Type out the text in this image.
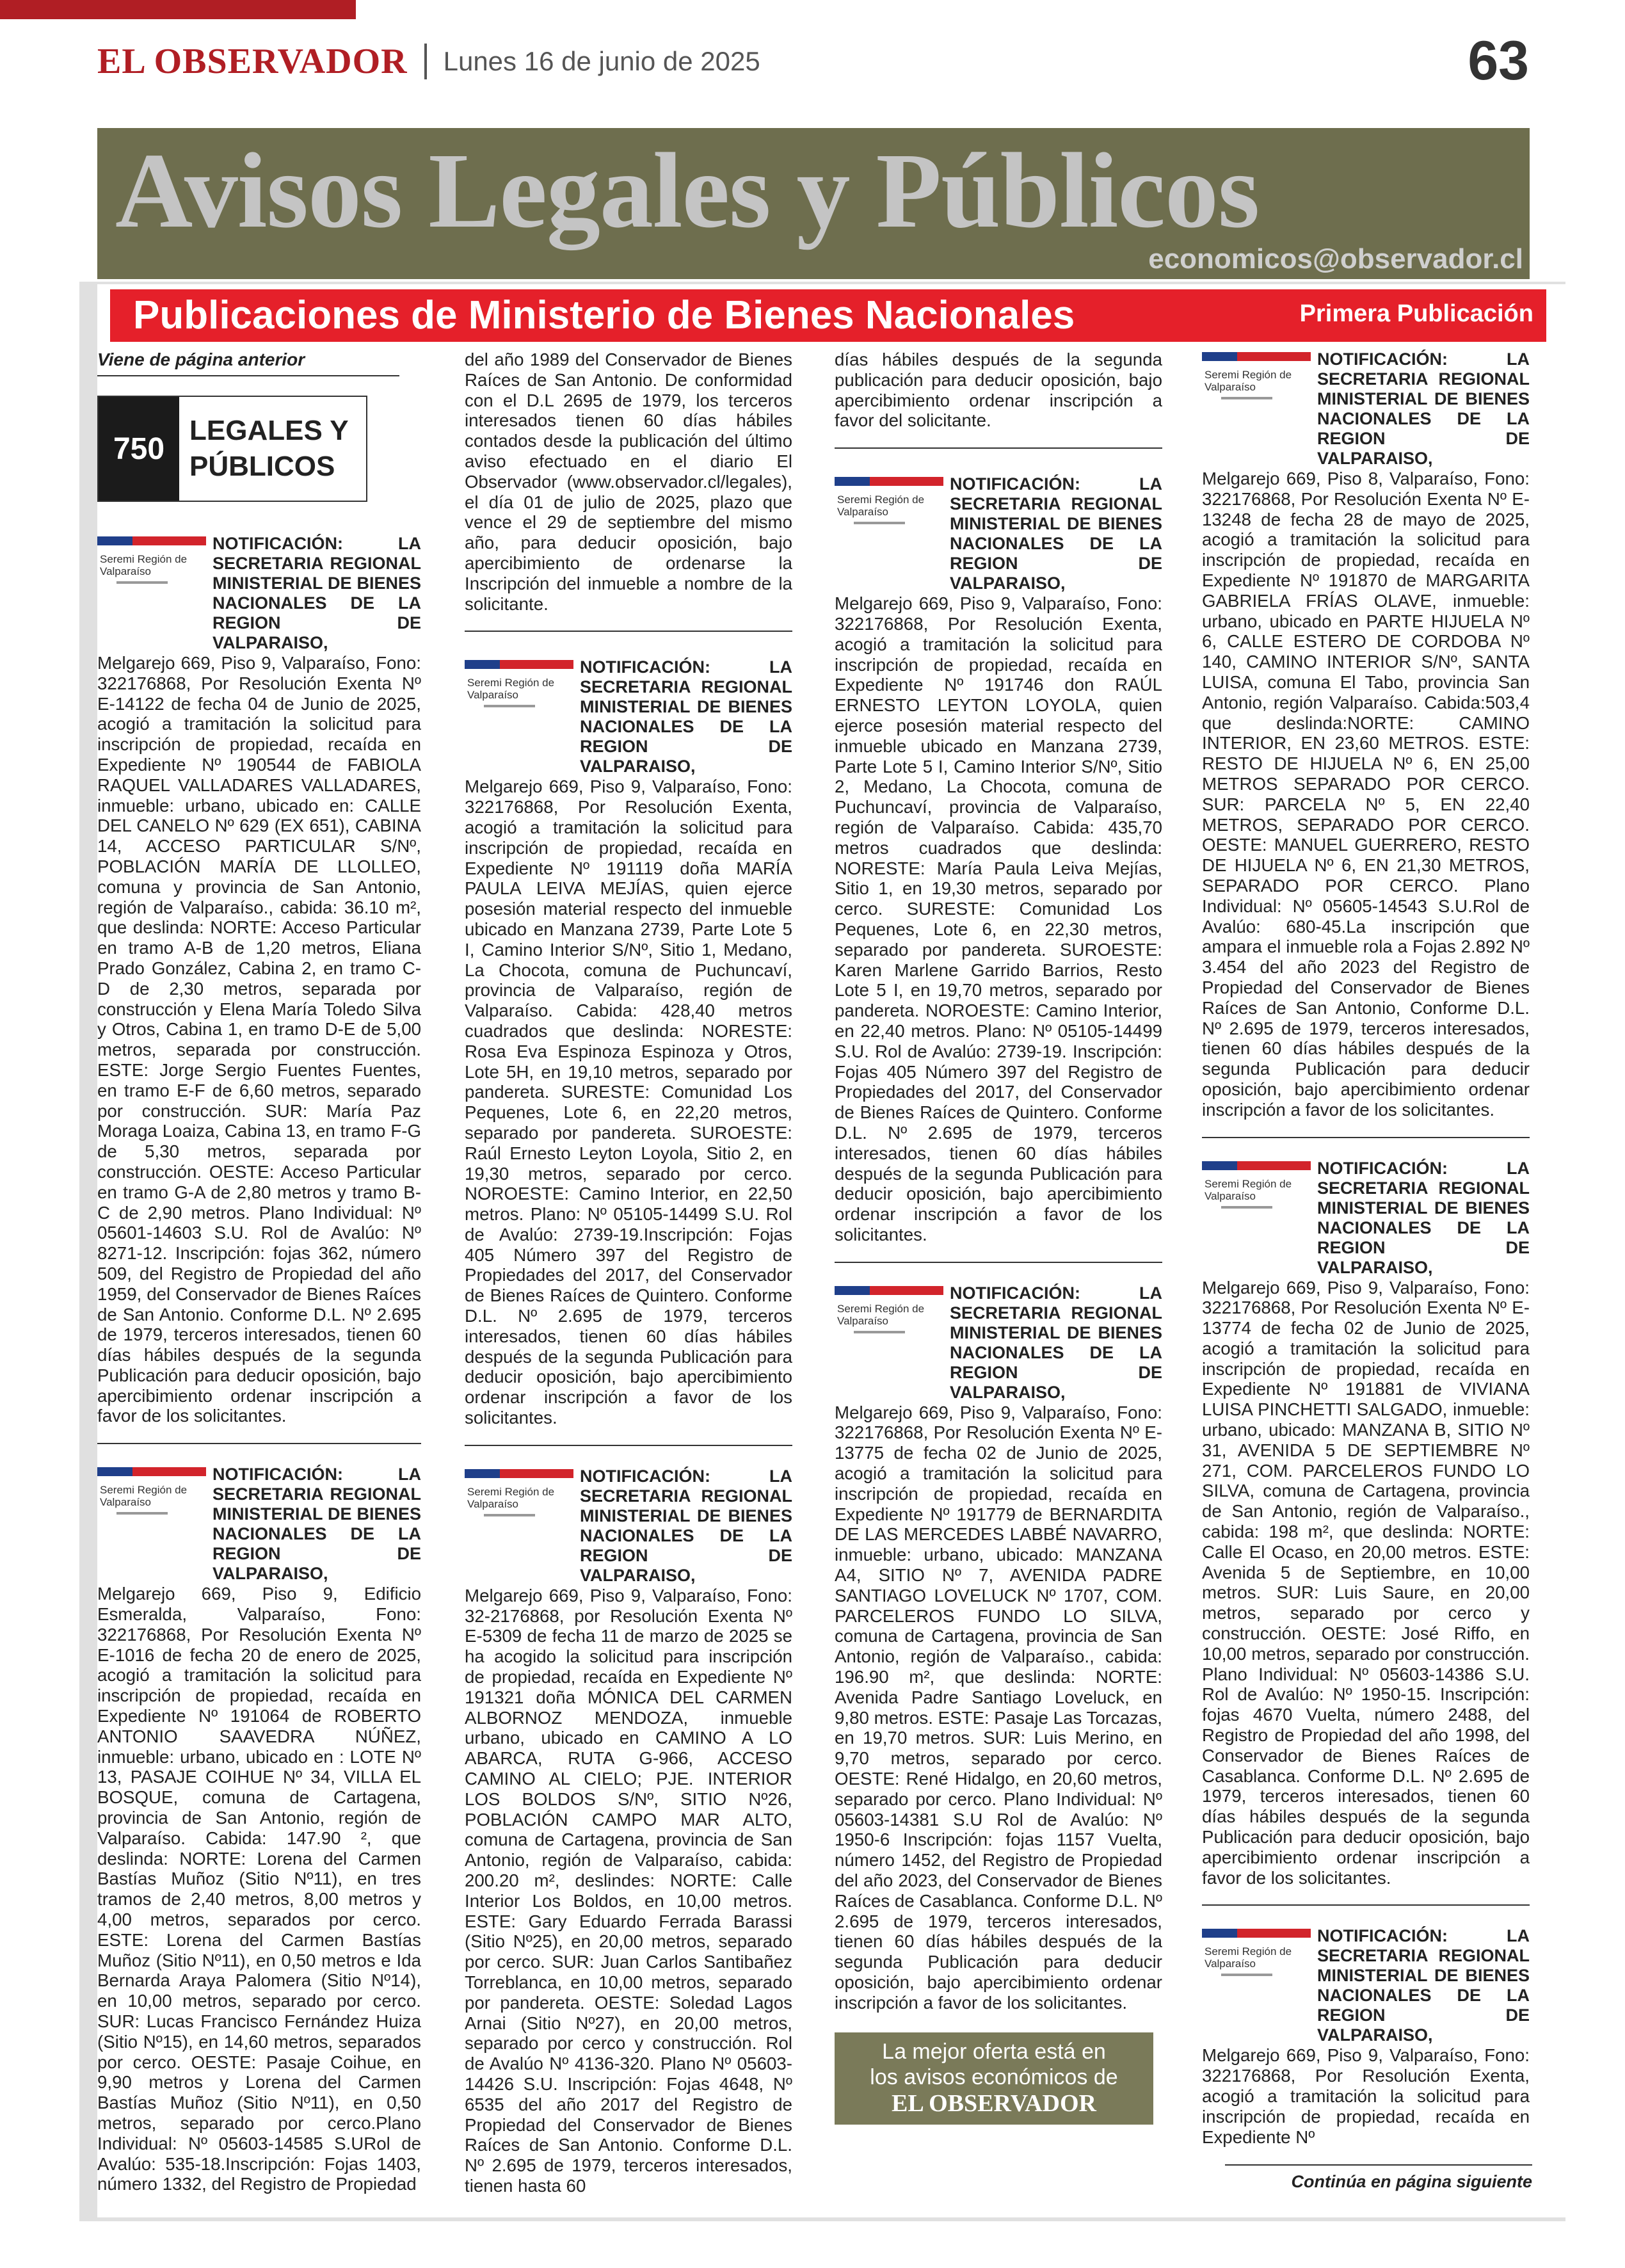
EL OBSERVADOR Lunes 16 de junio de 2025	63
Avisos Legales y Públicos
economicos@observador.cl
Publicaciones de Ministerio de Bienes Nacionales	Primera Publicación
Viene de página anterior
750
LEGALES Y PÚBLICOS
Seremi Región de Valparaíso
NOTIFICACIÓN: LA SECRETARIA REGIONAL MINISTERIAL DE BIENES NACIONALES DE LA REGION DE VALPARAISO,

Melgarejo 669, Piso 9, Valparaíso, Fono: 322176868, Por Resolución Exenta Nº E-14122 de fecha 04 de Junio de 2025, acogió a tramitación la solicitud para inscripción de propiedad, recaída en Expediente Nº 190544 de FABIOLA RAQUEL VALLADARES VALLADARES, inmueble: urbano, ubicado en: CALLE DEL CANELO Nº 629 (EX 651), CABINA 14, ACCESO PARTICULAR S/Nº, POBLACIÓN MARÍA DE LLOLLEO, comuna y provincia de San Antonio, región de Valparaíso., cabida: 36.10 m², que deslinda: NORTE: Acceso Particular en tramo A-B de 1,20 metros, Eliana Prado González, Cabina 2, en tramo C-D de 2,30 metros, separada por construcción y Elena María Toledo Silva y Otros, Cabina 1, en tramo D-E de 5,00 metros, separada por construcción. ESTE: Jorge Sergio Fuentes Fuentes, en tramo E-F de 6,60 metros, separado por construcción. SUR: María Paz Moraga Loaiza, Cabina 13, en tramo F-G de 5,30 metros, separada por construcción. OESTE: Acceso Particular en tramo G-A de 2,80 metros y tramo B-C de 2,90 metros. Plano Individual: Nº 05601-14603 S.U. Rol de Avalúo: Nº 8271-12. Inscripción: fojas 362, número 509, del Registro de Propiedad del año 1959, del Conservador de Bienes Raíces de San Antonio. Conforme D.L. Nº 2.695 de 1979, terceros interesados, tienen 60 días hábiles después de la segunda Publicación para deducir oposición, bajo apercibimiento ordenar inscripción a favor de los solicitantes.

Seremi Región de Valparaíso
NOTIFICACIÓN: LA SECRETARIA REGIONAL MINISTERIAL DE BIENES NACIONALES DE LA REGION DE VALPARAISO,

Melgarejo 669, Piso 9, Edificio Esmeralda, Valparaíso, Fono: 322176868, Por Resolución Exenta Nº E-1016 de fecha 20 de enero de 2025, acogió a tramitación la solicitud para inscripción de propiedad, recaída en Expediente Nº 191064 de ROBERTO ANTONIO SAAVEDRA NÚÑEZ, inmueble: urbano, ubicado en : LOTE Nº 13, PASAJE COIHUE Nº 34, VILLA EL BOSQUE, comuna de Cartagena, provincia de San Antonio, región de Valparaíso. Cabida: 147.90 ², que deslinda: NORTE: Lorena del Carmen Bastías Muñoz (Sitio Nº11), en tres tramos de 2,40 metros, 8,00 metros y 4,00 metros, separados por cerco. ESTE: Lorena del Carmen Bastías Muñoz (Sitio Nº11), en 0,50 metros e Ida Bernarda Araya Palomera (Sitio Nº14), en 10,00 metros, separado por cerco. SUR: Lucas Francisco Fernández Huiza (Sitio Nº15), en 14,60 metros, separados por cerco. OESTE: Pasaje Coihue, en 9,90 metros y Lorena del Carmen Bastías Muñoz (Sitio Nº11), en 0,50 metros, separado por cerco.Plano Individual: Nº 05603-14585 S.URol de Avalúo: 535-18.Inscripción: Fojas 1403, número 1332, del Registro de Propiedad

del año 1989 del Conservador de Bienes Raíces de San Antonio. De conformidad con el D.L 2695 de 1979, los terceros interesados tienen 60 días hábiles contados desde la publicación del último aviso efectuado en el diario El Observador (www.observador.cl/legales), el día 01 de julio de 2025, plazo que vence el 29 de septiembre del mismo año, para deducir oposición, bajo apercibimiento de ordenarse la Inscripción del inmueble a nombre de la solicitante.

Seremi Región de Valparaíso
NOTIFICACIÓN: LA SECRETARIA REGIONAL MINISTERIAL DE BIENES NACIONALES DE LA REGION DE VALPARAISO,

Melgarejo 669, Piso 9, Valparaíso, Fono: 322176868, Por Resolución Exenta, acogió a tramitación la solicitud para inscripción de propiedad, recaída en Expediente Nº 191119 doña MARÍA PAULA LEIVA MEJÍAS, quien ejerce posesión material respecto del inmueble ubicado en Manzana 2739, Parte Lote 5 I, Camino Interior S/Nº, Sitio 1, Medano, La Chocota, comuna de Puchuncaví, provincia de Valparaíso, región de Valparaíso. Cabida: 428,40 metros cuadrados que deslinda: NORESTE: Rosa Eva Espinoza Espinoza y Otros, Lote 5H, en 19,10 metros, separado por pandereta. SURESTE: Comunidad Los Pequenes, Lote 6, en 22,20 metros, separado por pandereta. SUROESTE: Raúl Ernesto Leyton Loyola, Sitio 2, en 19,30 metros, separado por cerco. NOROESTE: Camino Interior, en 22,50 metros. Plano: Nº 05105-14499 S.U. Rol de Avalúo: 2739-19.Inscripción: Fojas 405 Número 397 del Registro de Propiedades del 2017, del Conservador de Bienes Raíces de Quintero. Conforme D.L. Nº 2.695 de 1979, terceros interesados, tienen 60 días hábiles después de la segunda Publicación para deducir oposición, bajo apercibimiento ordenar inscripción a favor de los solicitantes.

Seremi Región de Valparaíso
NOTIFICACIÓN: LA SECRETARIA REGIONAL MINISTERIAL DE BIENES NACIONALES DE LA REGION DE VALPARAISO,

Melgarejo 669, Piso 9, Valparaíso, Fono: 32-2176868, por Resolución Exenta Nº E-5309 de fecha 11 de marzo de 2025 se ha acogido la solicitud para inscripción de propiedad, recaída en Expediente Nº 191321 doña MÓNICA DEL CARMEN ALBORNOZ MENDOZA, inmueble urbano, ubicado en CAMINO A LO ABARCA, RUTA G-966, ACCESO CAMINO AL CIELO; PJE. INTERIOR LOS BOLDOS S/Nº, SITIO Nº26, POBLACIÓN CAMPO MAR ALTO, comuna de Cartagena, provincia de San Antonio, región de Valparaíso, cabida: 200.20 m², deslindes: NORTE: Calle Interior Los Boldos, en 10,00 metros. ESTE: Gary Eduardo Ferrada Barassi (Sitio Nº25), en 20,00 metros, separado por cerco. SUR: Juan Carlos Santibañez Torreblanca, en 10,00 metros, separado por pandereta. OESTE: Soledad Lagos Arnai (Sitio Nº27), en 20,00 metros, separado por cerco y construcción. Rol de Avalúo Nº 4136-320. Plano Nº 05603-14426 S.U. Inscripción: Fojas 4648, Nº 6535 del año 2017 del Registro de Propiedad del Conservador de Bienes Raíces de San Antonio. Conforme D.L. Nº 2.695 de 1979, terceros interesados, tienen hasta 60

días hábiles después de la segunda publicación para deducir oposición, bajo apercibimiento ordenar inscripción a favor del solicitante.

Seremi Región de Valparaíso
NOTIFICACIÓN: LA SECRETARIA REGIONAL MINISTERIAL DE BIENES NACIONALES DE LA REGION DE VALPARAISO,

Melgarejo 669, Piso 9, Valparaíso, Fono: 322176868, Por Resolución Exenta, acogió a tramitación la solicitud para inscripción de propiedad, recaída en Expediente Nº 191746 don RAÚL ERNESTO LEYTON LOYOLA, quien ejerce posesión material respecto del inmueble ubicado en Manzana 2739, Parte Lote 5 I, Camino Interior S/Nº, Sitio 2, Medano, La Chocota, comuna de Puchuncaví, provincia de Valparaíso, región de Valparaíso. Cabida: 435,70 metros cuadrados que deslinda: NORESTE: María Paula Leiva Mejías, Sitio 1, en 19,30 metros, separado por cerco. SURESTE: Comunidad Los Pequenes, Lote 6, en 22,30 metros, separado por pandereta. SUROESTE: Karen Marlene Garrido Barrios, Resto Lote 5 I, en 19,70 metros, separado por pandereta. NOROESTE: Camino Interior, en 22,40 metros. Plano: Nº 05105-14499 S.U. Rol de Avalúo: 2739-19. Inscripción: Fojas 405 Número 397 del Registro de Propiedades del 2017, del Conservador de Bienes Raíces de Quintero. Conforme D.L. Nº 2.695 de 1979, terceros interesados, tienen 60 días hábiles después de la segunda Publicación para deducir oposición, bajo apercibimiento ordenar inscripción a favor de los solicitantes.

Seremi Región de Valparaíso
NOTIFICACIÓN: LA SECRETARIA REGIONAL MINISTERIAL DE BIENES NACIONALES DE LA REGION DE VALPARAISO,

Melgarejo 669, Piso 9, Valparaíso, Fono: 322176868, Por Resolución Exenta Nº E-13775 de fecha 02 de Junio de 2025, acogió a tramitación la solicitud para inscripción de propiedad, recaída en Expediente Nº 191779 de BERNARDITA DE LAS MERCEDES LABBÉ NAVARRO, inmueble: urbano, ubicado: MANZANA A4, SITIO Nº 7, AVENIDA PADRE SANTIAGO LOVELUCK Nº 1707, COM. PARCELEROS FUNDO LO SILVA, comuna de Cartagena, provincia de San Antonio, región de Valparaíso., cabida: 196.90 m², que deslinda: NORTE: Avenida Padre Santiago Loveluck, en 9,80 metros. ESTE: Pasaje Las Torcazas, en 19,70 metros. SUR: Luis Merino, en 9,70 metros, separado por cerco. OESTE: René Hidalgo, en 20,60 metros, separado por cerco. Plano Individual: Nº 05603-14381 S.U Rol de Avalúo: Nº 1950-6 Inscripción: fojas 1157 Vuelta, número 1452, del Registro de Propiedad del año 2023, del Conservador de Bienes Raíces de Casablanca. Conforme D.L. Nº 2.695 de 1979, terceros interesados, tienen 60 días hábiles después de la segunda Publicación para deducir oposición, bajo apercibimiento ordenar inscripción a favor de los solicitantes.

La mejor oferta está en
los avisos económicos de
EL OBSERVADOR
Seremi Región de Valparaíso
NOTIFICACIÓN: LA SECRETARIA REGIONAL MINISTERIAL DE BIENES NACIONALES DE LA REGION DE VALPARAISO,

Melgarejo 669, Piso 8, Valparaíso, Fono: 322176868, Por Resolución Exenta Nº E-13248 de fecha 28 de mayo de 2025, acogió a tramitación la solicitud para inscripción de propiedad, recaída en Expediente Nº 191870 de MARGARITA GABRIELA FRÍAS OLAVE, inmueble: urbano, ubicado en PARTE HIJUELA Nº 6, CALLE ESTERO DE CORDOBA Nº 140, CAMINO INTERIOR S/Nº, SANTA LUISA, comuna El Tabo, provincia San Antonio, región Valparaíso. Cabida:503,4 que deslinda:NORTE: CAMINO INTERIOR, EN 23,60 METROS. ESTE: RESTO DE HIJUELA Nº 6, EN 25,00 METROS SEPARADO POR CERCO. SUR: PARCELA Nº 5, EN 22,40 METROS, SEPARADO POR CERCO. OESTE: MANUEL GUERRERO, RESTO DE HIJUELA Nº 6, EN 21,30 METROS, SEPARADO POR CERCO. Plano Individual: Nº 05605-14543 S.U.Rol de Avalúo: 680-45.La inscripción que ampara el inmueble rola a Fojas 2.892 Nº 3.454 del año 2023 del Registro de Propiedad del Conservador de Bienes Raíces de San Antonio, Conforme D.L. Nº 2.695 de 1979, terceros interesados, tienen 60 días hábiles después de la segunda Publicación para deducir oposición, bajo apercibimiento ordenar inscripción a favor de los solicitantes.

Seremi Región de Valparaíso
NOTIFICACIÓN: LA SECRETARIA REGIONAL MINISTERIAL DE BIENES NACIONALES DE LA REGION DE VALPARAISO,

Melgarejo 669, Piso 9, Valparaíso, Fono: 322176868, Por Resolución Exenta Nº E-13774 de fecha 02 de Junio de 2025, acogió a tramitación la solicitud para inscripción de propiedad, recaída en Expediente Nº 191881 de VIVIANA LUISA PINCHETTI SALGADO, inmueble: urbano, ubicado: MANZANA B, SITIO Nº 31, AVENIDA 5 DE SEPTIEMBRE Nº 271, COM. PARCELEROS FUNDO LO SILVA, comuna de Cartagena, provincia de San Antonio, región de Valparaíso., cabida: 198 m², que deslinda: NORTE: Calle El Ocaso, en 20,00 metros. ESTE: Avenida 5 de Septiembre, en 10,00 metros. SUR: Luis Saure, en 20,00 metros, separado por cerco y construcción. OESTE: José Riffo, en 10,00 metros, separado por construcción. Plano Individual: Nº 05603-14386 S.U. Rol de Avalúo: Nº 1950-15. Inscripción: fojas 4670 Vuelta, número 2488, del Registro de Propiedad del año 1998, del Conservador de Bienes Raíces de Casablanca. Conforme D.L. Nº 2.695 de 1979, terceros interesados, tienen 60 días hábiles después de la segunda Publicación para deducir oposición, bajo apercibimiento ordenar inscripción a favor de los solicitantes.

Seremi Región de Valparaíso
NOTIFICACIÓN: LA SECRETARIA REGIONAL MINISTERIAL DE BIENES NACIONALES DE LA REGION DE VALPARAISO,

Melgarejo 669, Piso 9, Valparaíso, Fono: 322176868, Por Resolución Exenta, acogió a tramitación la solicitud para inscripción de propiedad, recaída en Expediente Nº

Continúa en página siguiente
